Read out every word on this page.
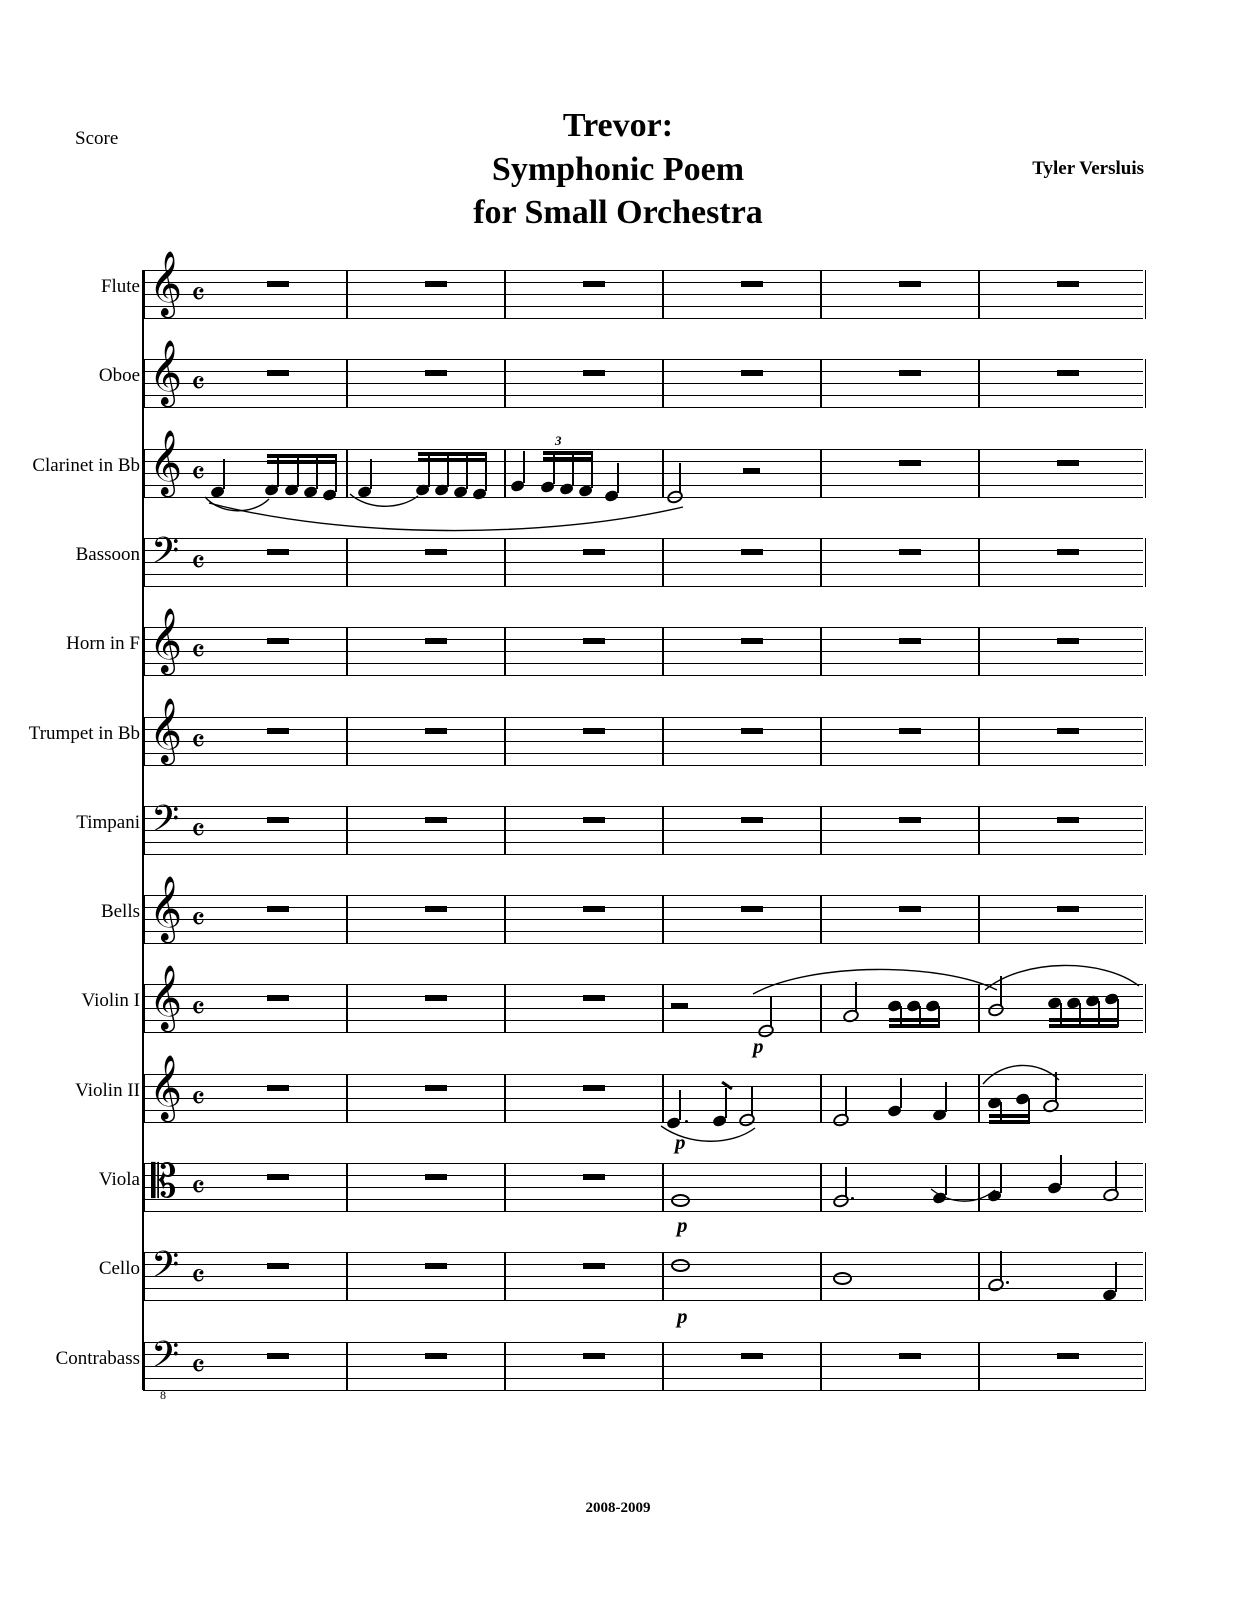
Score	Trevor:
Symphonic Poem
for Small Orchestra
Tyler Versluis
Flute 𝄞 𝄴
Oboe 𝄞 𝄴
Clarinet in Bb 𝄞 𝄴
3
Bassoon 𝄢 𝄴
Horn in F 𝄞 𝄴
Trumpet in Bb 𝄞 𝄴
Timpani 𝄢 𝄴
Bells 𝄞 𝄴
Violin I 𝄞 𝄴
p
Violin II 𝄞 𝄴
p
Viola 𝄡 𝄴
p
Cello 𝄢 𝄴
p
Contrabass 𝄢
8
𝄴
2008-2009
